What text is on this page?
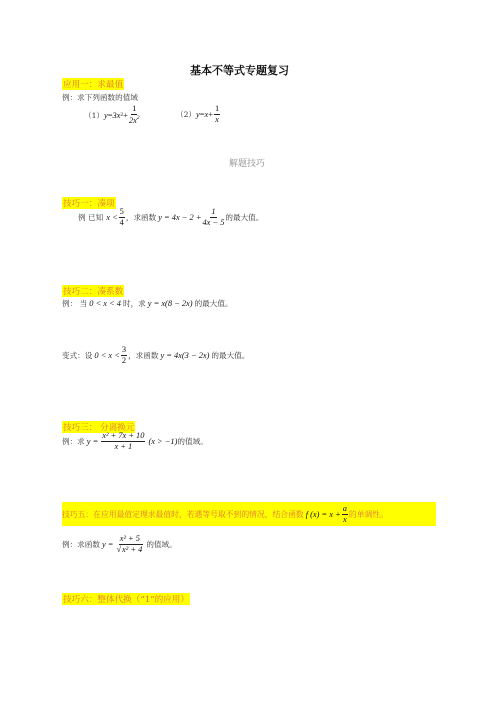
基本不等式专题复习
应用一：求最值
例：求下列函数的值域
（1） y = 3x $2 + \frac{1}{2x^2}$	（2） $y = x + \frac{1}{x}$
解题技巧
技巧一：凑项
例 已知 $x < \frac{5}{4}$ ，求函数 $y = 4x - 2 + \frac{1}{4x - 5}$ 的最大值。
技巧二：凑系数
例： 当 0 < x < 4 时，求 y = x(8 − 2x) 的最大值。
变式：设 $0 < x < \frac{3}{2}$ ，求函数 y = 4x(3 − 2x) 的最大值。
技巧三： 分离换元
例：求 $y = \frac{\text{x² + 7x + 10}}{x + 1} (x > -1)$ 的值域。
技巧五：在应用最值定理求最值时，若遇等号取不到的情况，结合函数 f $(x) = x + \frac{a}{x}$ 的单调性。
例：求函数 $y = \frac{\text{x² + 5}}{\text{√x² + 4}}$ 的值域。
技巧六：整体代换（“1”的应用）
